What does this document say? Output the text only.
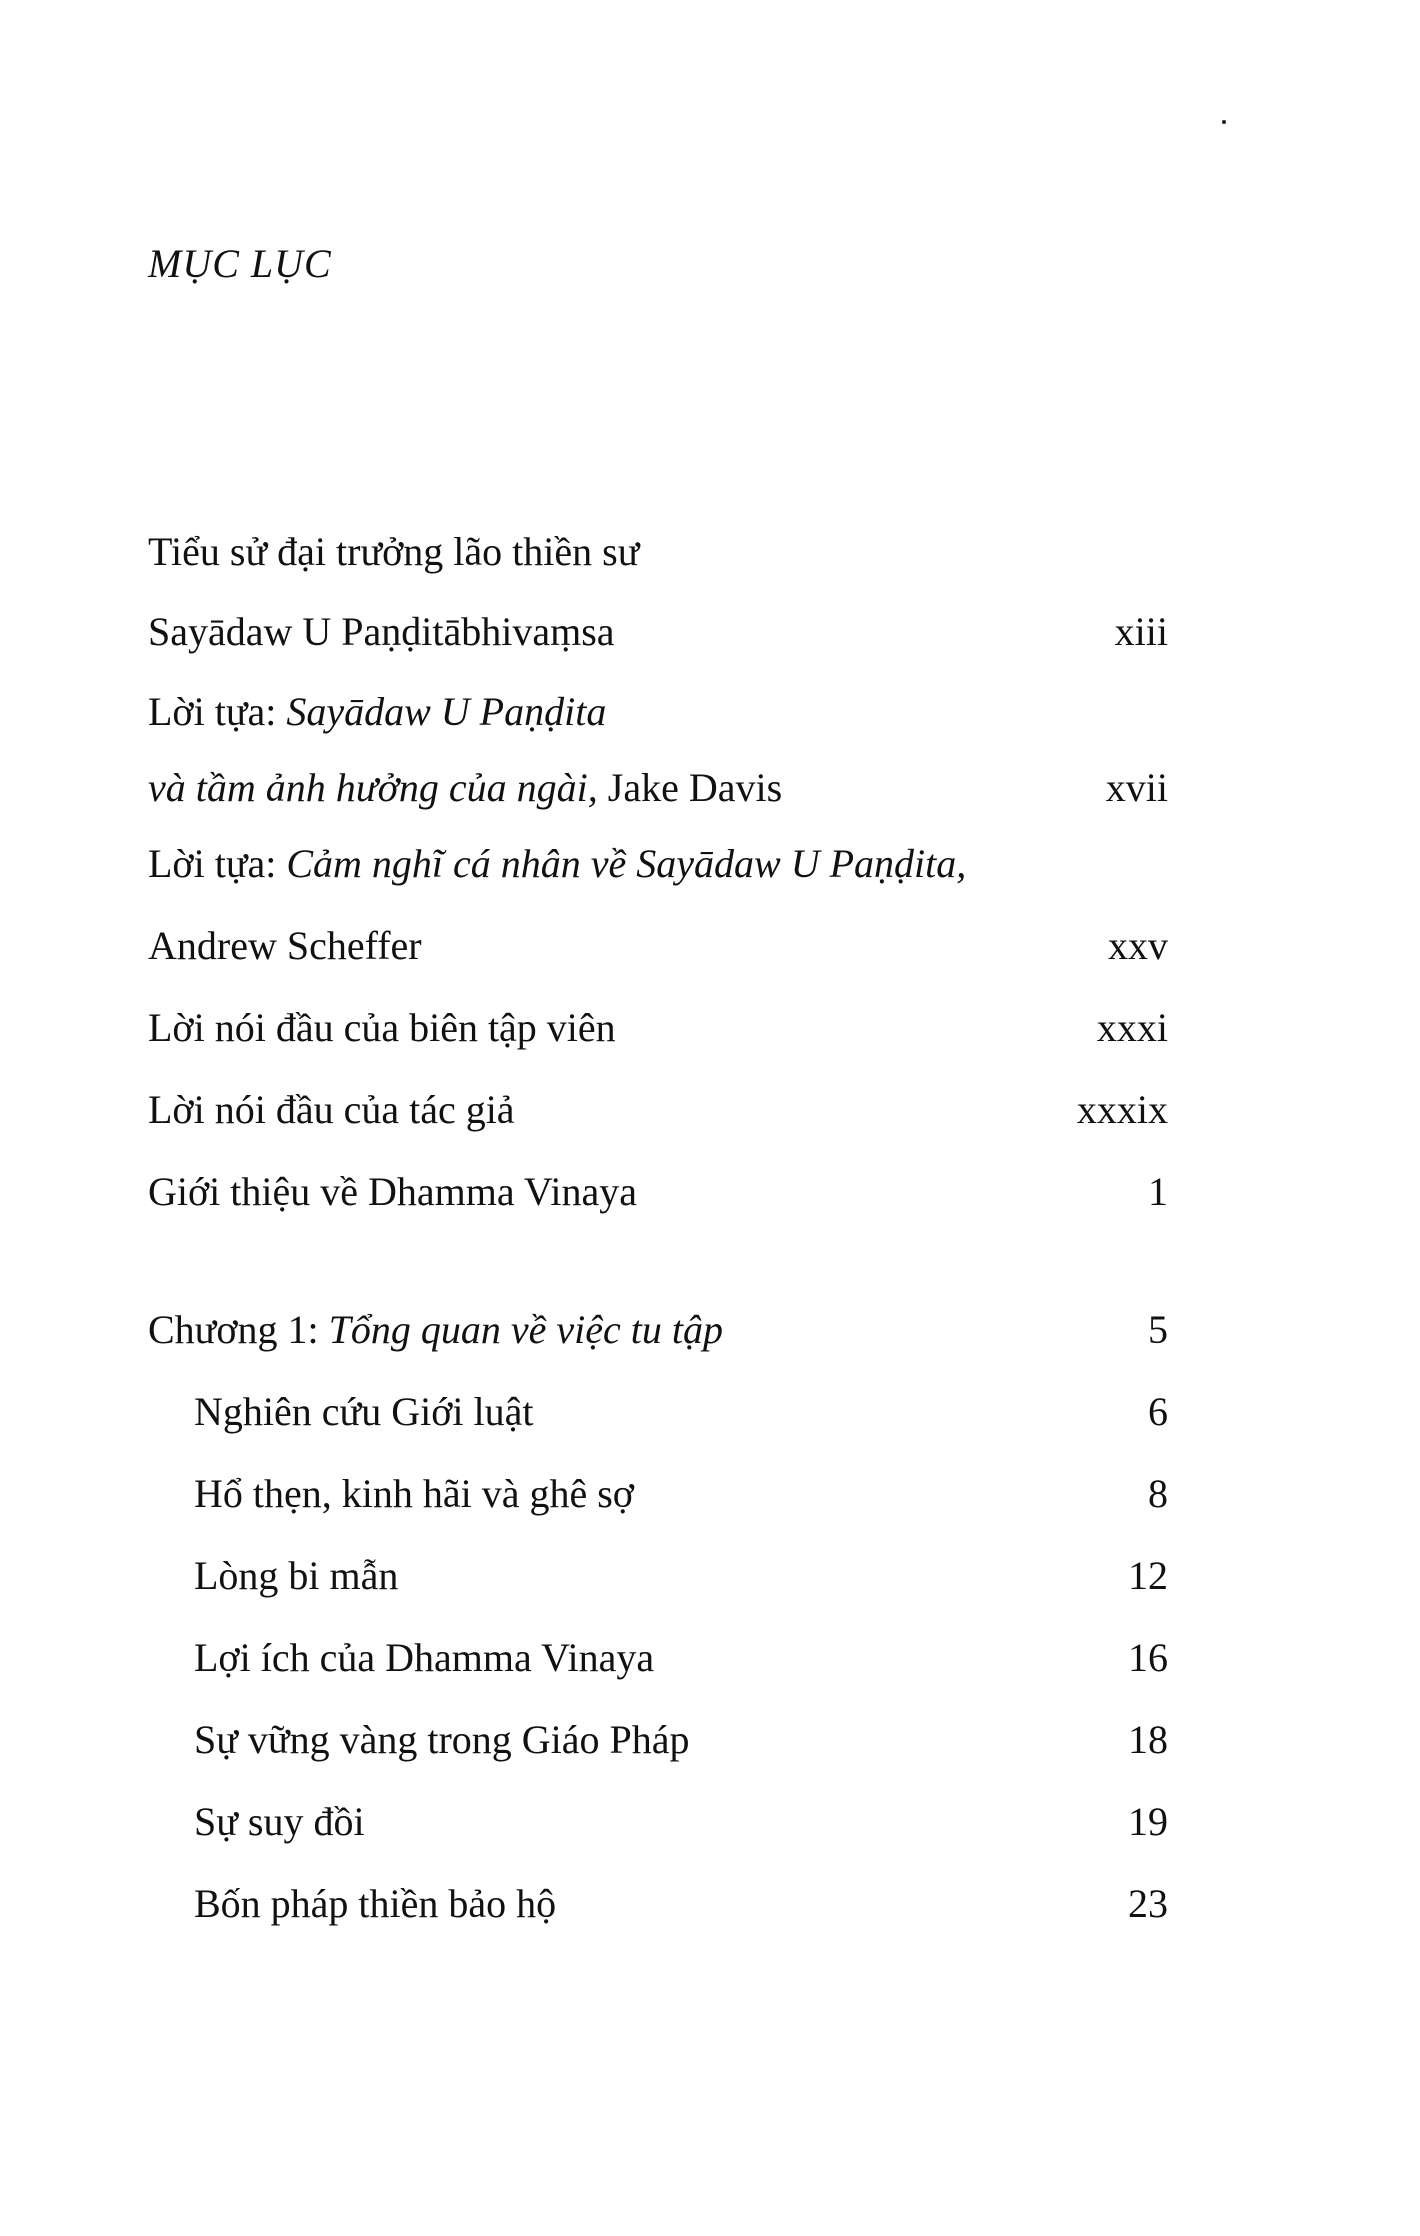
MỤC LỤC
Tiểu sử đại trưởng lão thiền sư
Sayādaw U Paṇḍitābhivaṃsa	xiii
Lời tựa: Sayādaw U Paṇḍita
và tầm ảnh hưởng của ngài, Jake Davis	xvii
Lời tựa: Cảm nghĩ cá nhân về Sayādaw U Paṇḍita,
Andrew Scheffer	xxv
Lời nói đầu của biên tập viên	xxxi
Lời nói đầu của tác giả	xxxix
Giới thiệu về Dhamma Vinaya	1
Chương 1: Tổng quan về việc tu tập	5
Nghiên cứu Giới luật	6
Hổ thẹn, kinh hãi và ghê sợ	8
Lòng bi mẫn	12
Lợi ích của Dhamma Vinaya	16
Sự vững vàng trong Giáo Pháp	18
Sự suy đồi	19
Bốn pháp thiền bảo hộ	23
